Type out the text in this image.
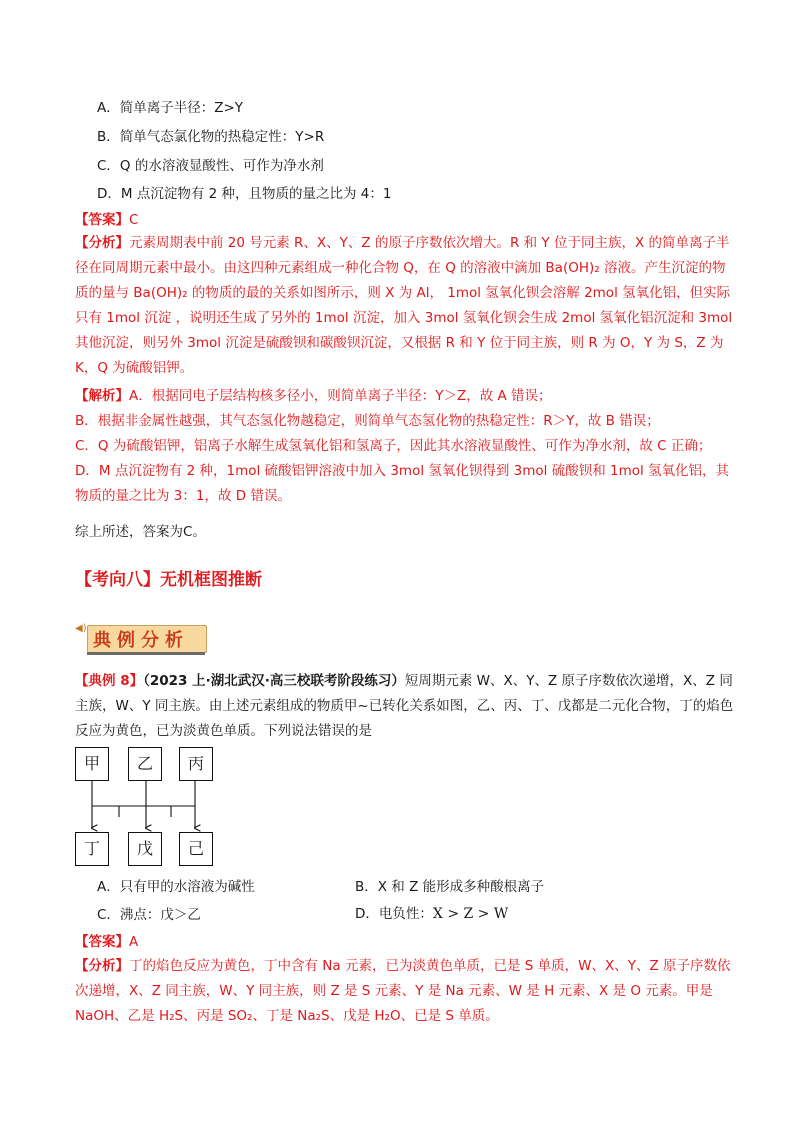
A．简单离子半径：Z>Y
B．简单气态氯化物的热稳定性：Y>R
C．Q 的水溶液显酸性、可作为净水剂
D．M 点沉淀物有 2 种，且物质的量之比为 4：1
【答案】C

【分析】元素周期表中前 20 号元素 R、X、Y、Z 的原子序数依次增大。R 和 Y 位于同主族，X 的简单离子半径在同周期元素中最小。由这四种元素组成一种化合物 Q，在 Q 的溶液中滴加 Ba(OH)₂ 溶液。产生沉淀的物质的量与 Ba(OH)₂ 的物质的最的关系如图所示，则 X 为 Al， 1mol 氢氧化钡会溶解 2mol 氢氧化铝，但实际只有 1mol 沉淀 ，说明还生成了另外的 1mol 沉淀，加入 3mol 氢氧化钡会生成 2mol 氢氧化铝沉淀和 3mol 其他沉淀，则另外 3mol 沉淀是硫酸钡和碳酸钡沉淀，又根据 R 和 Y 位于同主族，则 R 为 O，Y 为 S，Z 为 K，Q 为硫酸铝钾。

【解析】A．根据同电子层结构核多径小，则简单离子半径：Y＞Z，故 A 错误；

B．根据非金属性越强，其气态氢化物越稳定，则简单气态氢化物的热稳定性：R＞Y，故 B 错误；

C．Q 为硫酸铝钾，铝离子水解生成氢氧化铝和氢离子，因此其水溶液显酸性、可作为净水剂，故 C 正确；

D．M 点沉淀物有 2 种，1mol 硫酸铝钾溶液中加入 3mol 氢氧化钡得到 3mol 硫酸钡和 1mol 氢氧化铝，其物质的量之比为 3：1，故 D 错误。

综上所述，答案为C。
【考向八】无机框图推断
◀)
典例分析

【典例 8】（2023 上·湖北武汉·高三校联考阶段练习）短周期元素 W、X、Y、Z 原子序数依次递增，X、Z 同主族，W、Y 同主族。由上述元素组成的物质甲~已转化关系如图，乙、丙、丁、戊都是二元化合物，丁的焰色反应为黄色，已为淡黄色单质。下列说法错误的是

甲	乙	丙
丁	戊	己
A．只有甲的水溶液为碱性	B．X 和 Z 能形成多种酸根离子
C．沸点：戊＞乙	D．电负性：X > Z > W
【答案】A

【分析】丁的焰色反应为黄色，丁中含有 Na 元素，已为淡黄色单质，已是 S 单质，W、X、Y、Z 原子序数依次递增，X、Z 同主族，W、Y 同主族，则 Z 是 S 元素、Y 是 Na 元素、W 是 H 元素、X 是 O 元素。甲是 NaOH、乙是 H₂S、丙是 SO₂、丁是 Na₂S、戊是 H₂O、已是 S 单质。
